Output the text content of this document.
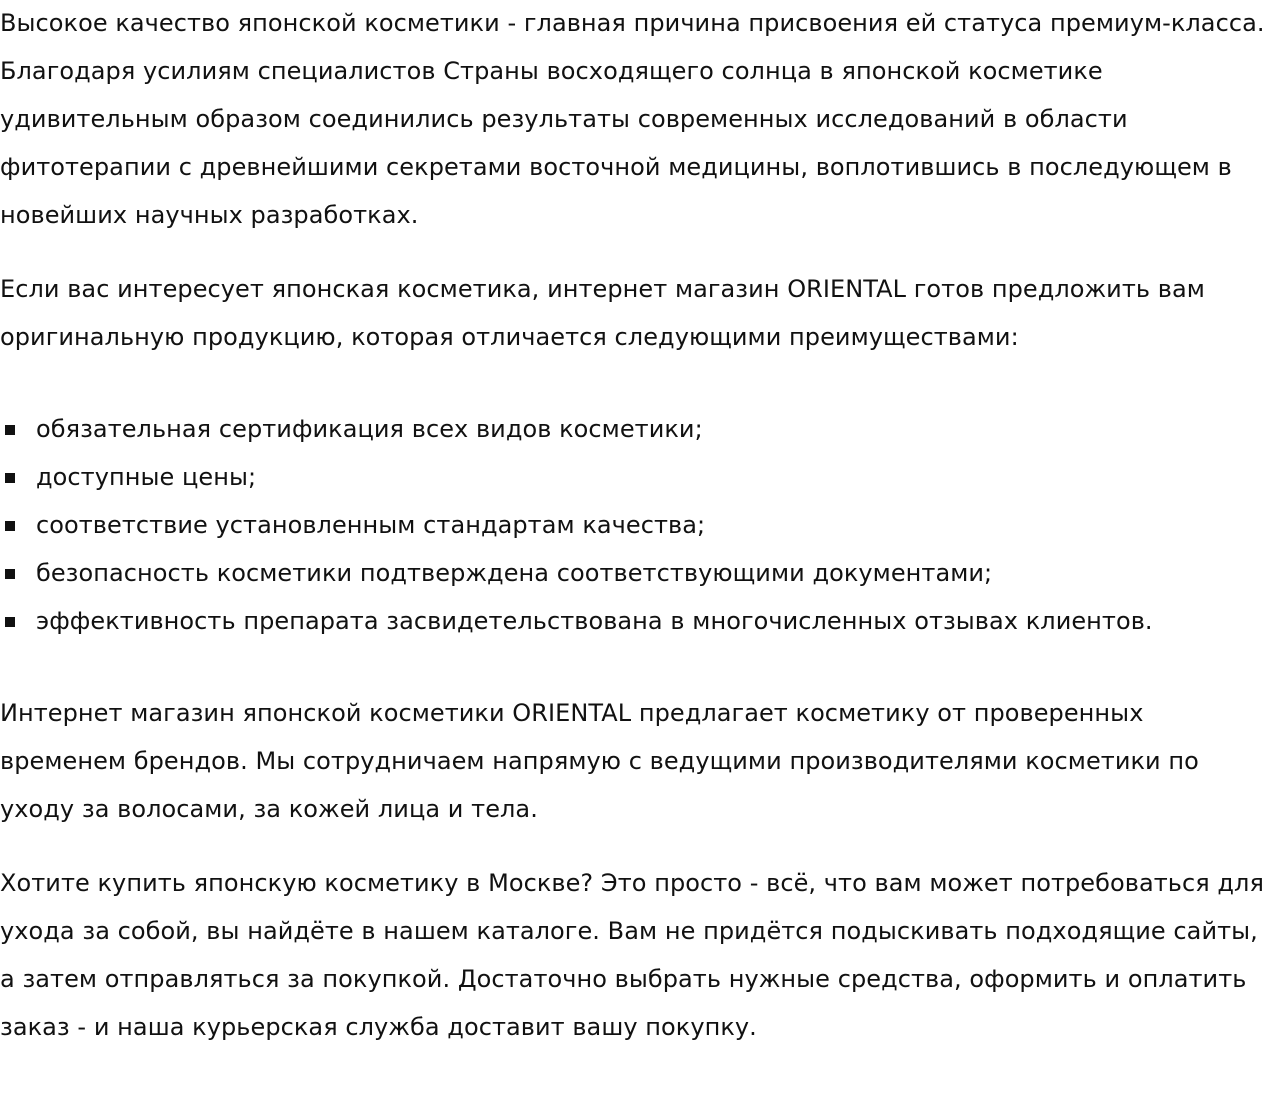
Высокое качество японской косметики - главная причина присвоения ей статуса премиум-класса. Благодаря усилиям специалистов Страны восходящего солнца в японской косметике удивительным образом соединились результаты современных исследований в области фитотерапии с древнейшими секретами восточной медицины, воплотившись в последующем в новейших научных разработках.

Если вас интересует японская косметика, интернет магазин ORIENTAL готов предложить вам оригинальную продукцию, которая отличается следующими преимуществами:

обязательная сертификация всех видов косметики;
доступные цены;
соответствие установленным стандартам качества;
безопасность косметики подтверждена соответствующими документами;
эффективность препарата засвидетельствована в многочисленных отзывах клиентов.

Интернет магазин японской косметики ORIENTAL предлагает косметику от проверенных временем брендов. Мы сотрудничаем напрямую с ведущими производителями косметики по уходу за волосами, за кожей лица и тела.

Хотите купить японскую косметику в Москве? Это просто - всё, что вам может потребоваться для ухода за собой, вы найдёте в нашем каталоге. Вам не придётся подыскивать подходящие сайты, а затем отправляться за покупкой. Достаточно выбрать нужные средства, оформить и оплатить заказ - и наша курьерская служба доставит вашу покупку.
